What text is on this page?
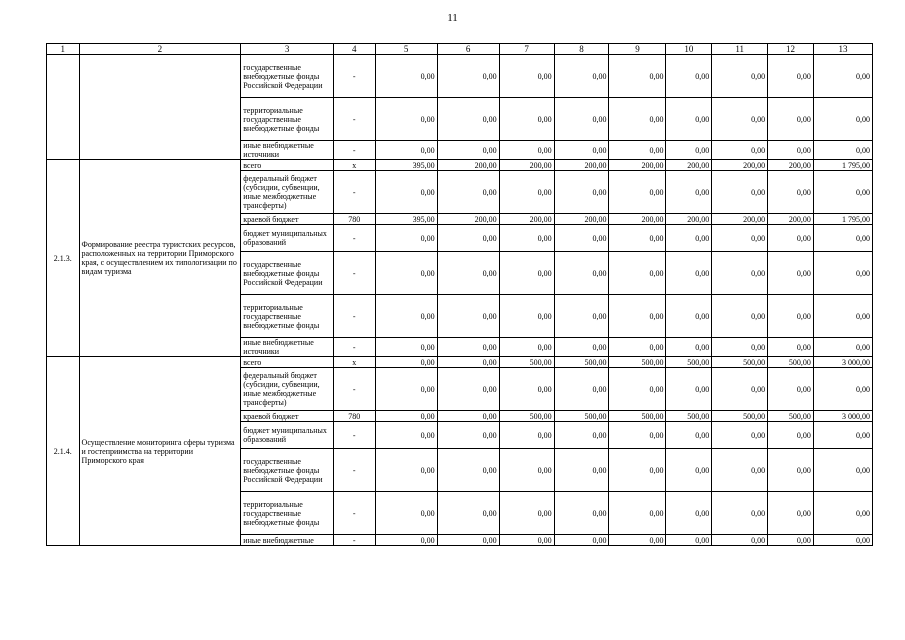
11
1	2	3	4	5	6	7	8	9	10	11	12	13
		государственные внебюджетные фонды Российской Федерации	-	0,00	0,00	0,00	0,00	0,00	0,00	0,00	0,00	0,00
		территориальные государственные внебюджетные фонды	-	0,00	0,00	0,00	0,00	0,00	0,00	0,00	0,00	0,00
		иные внебюджетные источники	-	0,00	0,00	0,00	0,00	0,00	0,00	0,00	0,00	0,00
2.1.3.	Формирование реестра туристских ресурсов, расположенных на территории Приморского края, с осуществлением их типологизации по видам туризма	всего	х	395,00	200,00	200,00	200,00	200,00	200,00	200,00	200,00	1 795,00
		федеральный бюджет (субсидии, субвенции, иные межбюджетные трансферты)	-	0,00	0,00	0,00	0,00	0,00	0,00	0,00	0,00	0,00
		краевой бюджет	780	395,00	200,00	200,00	200,00	200,00	200,00	200,00	200,00	1 795,00
		бюджет муниципальных образований	-	0,00	0,00	0,00	0,00	0,00	0,00	0,00	0,00	0,00
		государственные внебюджетные фонды Российской Федерации	-	0,00	0,00	0,00	0,00	0,00	0,00	0,00	0,00	0,00
		территориальные государственные внебюджетные фонды	-	0,00	0,00	0,00	0,00	0,00	0,00	0,00	0,00	0,00
		иные внебюджетные источники	-	0,00	0,00	0,00	0,00	0,00	0,00	0,00	0,00	0,00
2.1.4.	Осуществление мониторинга сферы туризма и гостеприимства на территории Приморского края	всего	х	0,00	0,00	500,00	500,00	500,00	500,00	500,00	500,00	3 000,00
		федеральный бюджет (субсидии, субвенции, иные межбюджетные трансферты)	-	0,00	0,00	0,00	0,00	0,00	0,00	0,00	0,00	0,00
		краевой бюджет	780	0,00	0,00	500,00	500,00	500,00	500,00	500,00	500,00	3 000,00
		бюджет муниципальных образований	-	0,00	0,00	0,00	0,00	0,00	0,00	0,00	0,00	0,00
		государственные внебюджетные фонды Российской Федерации	-	0,00	0,00	0,00	0,00	0,00	0,00	0,00	0,00	0,00
		территориальные государственные внебюджетные фонды	-	0,00	0,00	0,00	0,00	0,00	0,00	0,00	0,00	0,00
		иные внебюджетные	-	0,00	0,00	0,00	0,00	0,00	0,00	0,00	0,00	0,00
